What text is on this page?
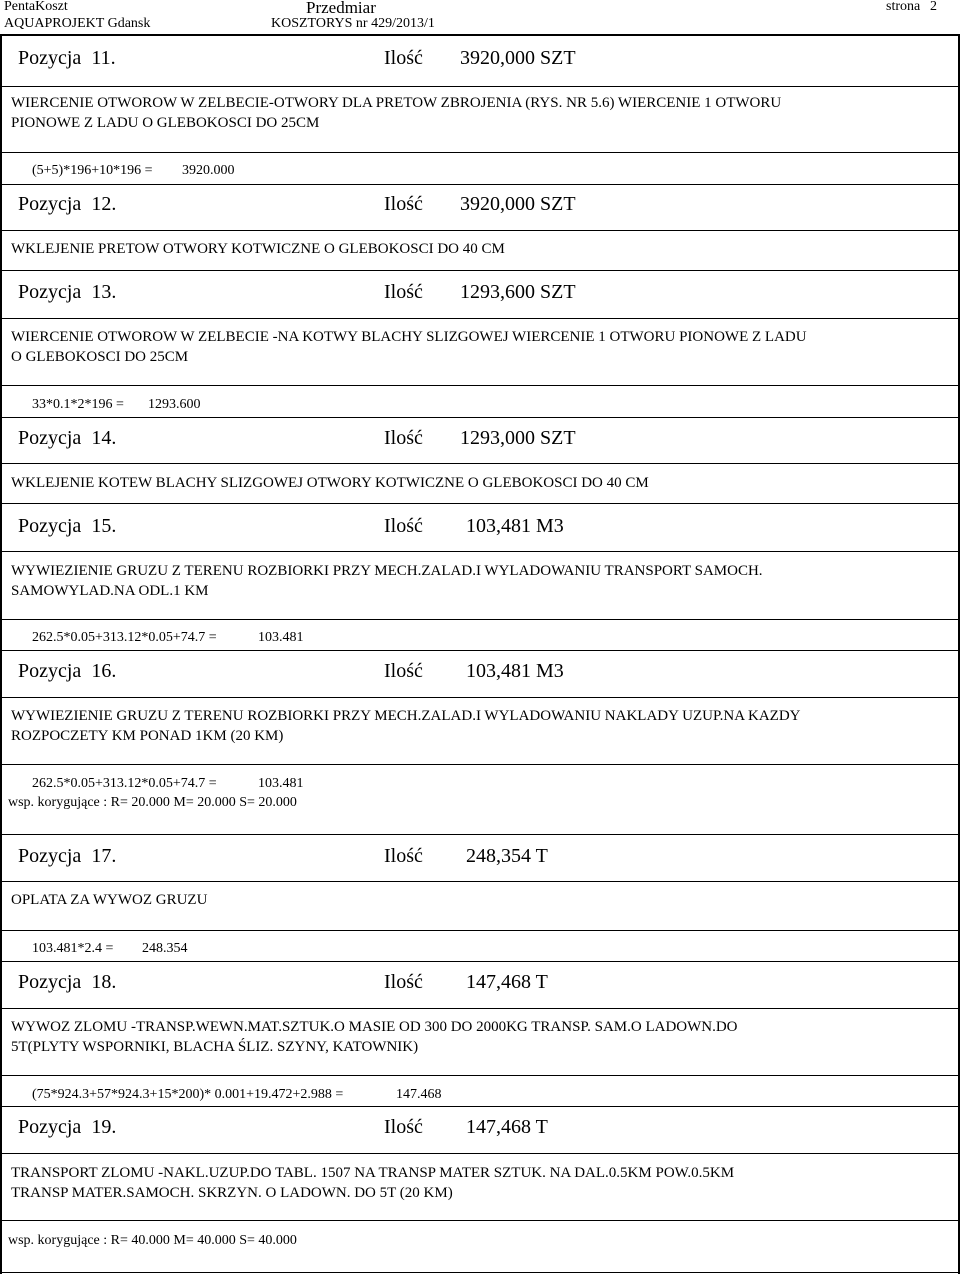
PentaKoszt
AQUAPROJEKT Gdansk
Przedmiar
KOSZTORYS nr 429/2013/1
strona 2
Pozycja 11.	Ilość 3920,000 SZT
WIERCENIE OTWOROW W ZELBECIE-OTWORY DLA PRETOW ZBROJENIA (RYS. NR 5.6) WIERCENIE 1 OTWORU
PIONOWE Z LADU O GLEBOKOSCI DO 25CM
(5+5)*196+10*196 = 3920.000
Pozycja 12.	Ilość 3920,000 SZT
WKLEJENIE PRETOW OTWORY KOTWICZNE O GLEBOKOSCI DO 40 CM
Pozycja 13.	Ilość 1293,600 SZT
WIERCENIE OTWOROW W ZELBECIE -NA KOTWY BLACHY SLIZGOWEJ WIERCENIE 1 OTWORU PIONOWE Z LADU
O GLEBOKOSCI DO 25CM
33*0.1*2*196 = 1293.600
Pozycja 14.	Ilość 1293,000 SZT
WKLEJENIE KOTEW BLACHY SLIZGOWEJ OTWORY KOTWICZNE O GLEBOKOSCI DO 40 CM
Pozycja 15.	Ilość 103,481 M3
WYWIEZIENIE GRUZU Z TERENU ROZBIORKI PRZY MECH.ZALAD.I WYLADOWANIU TRANSPORT SAMOCH.
SAMOWYLAD.NA ODL.1 KM
262.5*0.05+313.12*0.05+74.7 =	103.481
Pozycja 16.	Ilość 103,481 M3
WYWIEZIENIE GRUZU Z TERENU ROZBIORKI PRZY MECH.ZALAD.I WYLADOWANIU NAKLADY UZUP.NA KAZDY
ROZPOCZETY KM PONAD 1KM (20 KM)
262.5*0.05+313.12*0.05+74.7 =	103.481
wsp. korygujące : R= 20.000 M= 20.000 S= 20.000
Pozycja 17.	Ilość 248,354 T
OPLATA ZA WYWOZ GRUZU
103.481*2.4 = 248.354
Pozycja 18.	Ilość 147,468 T
WYWOZ ZLOMU -TRANSP.WEWN.MAT.SZTUK.O MASIE OD 300 DO 2000KG TRANSP. SAM.O LADOWN.DO
5T(PLYTY WSPORNIKI, BLACHA ŚLIZ. SZYNY, KATOWNIK)
(75*924.3+57*924.3+15*200)* 0.001+19.472+2.988 =	147.468
Pozycja 19.	Ilość 147,468 T
TRANSPORT ZLOMU -NAKL.UZUP.DO TABL. 1507 NA TRANSP MATER SZTUK. NA DAL.0.5KM POW.0.5KM
TRANSP MATER.SAMOCH. SKRZYN. O LADOWN. DO 5T (20 KM)
wsp. korygujące : R= 40.000 M= 40.000 S= 40.000
